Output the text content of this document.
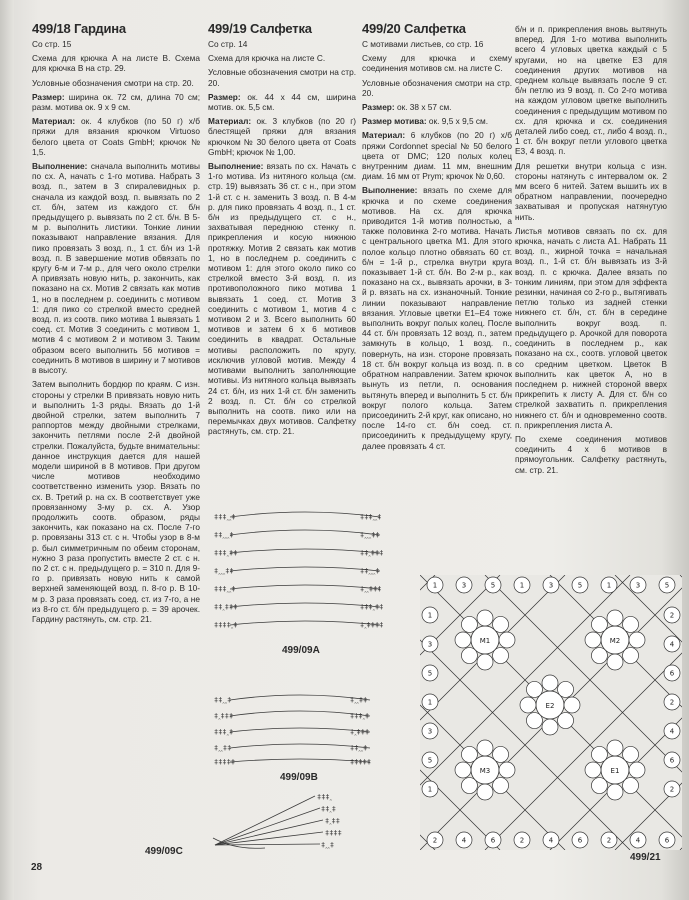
499/18 Гардина

Со стр. 15

Схема для крючка А на листе В. Схема для крючка В на стр. 29.

Условные обозначения смотри на стр. 20.

Размер: ширина ок. 72 см, длина 70 см; разм. мотива ок. 9 х 9 см.

Материал: ок. 4 клубков (по 50 г) х/б пряжи для вязания крючком Virtuoso белого цвета от Coats GmbH; крючок № 1,5.

Выполнение: сначала выполнить мотивы по сх. А, начать с 1-го мотива. Набрать 3 возд. п., затем в 3 спиралевидных р. сначала из каждой возд. п. вывязать по 2 ст. б/н, затем из каждого ст. б/н предыдущего р. вывязать по 2 ст. б/н. В 5-м р. выполнить листики. Тонкие линии показывают направление вязания. Для пико провязать 3 возд. п., 1 ст. б/н из 1-й возд. п. В завершение мотив обвязать по кругу 6-м и 7-м р., для чего около стрелки А привязать новую нить, р. закончить, как показано на сх. Мотив 2 связать как мотив 1, но в последнем р. соединить с мотивом 1: для пико со стрелкой вместо средней возд. п. из соотв. пико мотива 1 вывязать 1 соед. ст. Мотив 3 соединить с мотивом 1, мотив 4 с мотивом 2 и мотивом 3. Таким образом всего выполнить 56 мотивов = соединить 8 мотивов в ширину и 7 мотивов в высоту.

Затем выполнить бордюр по краям. С изн. стороны у стрелки В привязать новую нить и выполнить 1-3 ряды. Вязать до 1-й двойной стрелки, затем выполнить 7 раппортов между двойными стрелками, закончить петлями после 2-й двойной стрелки. Пожалуйста, будьте внимательны: данное инструкция дается для нашей модели шириной в 8 мотивов. При другом числе мотивов необходимо соответственно изменить узор. Вязать по сх. В. Третий р. на сх. В соответствует уже провязанному 3-му р. сх. А. Узор продолжить соотв. образом, ряды закончить, как показано на сх. После 7-го р. провязаны 313 ст. с н. Чтобы узор в 8-м р. был симметричным по обеим сторонам, нужно 3 раза пропустить вместе 2 ст. с н. по 2 ст. с н. предыдущего р. = 310 п. Для 9-го р. привязать новую нить к самой верхней заменяющей возд. п. 8-го р. В 10-м р. 3 раза провязать соед. ст. из 7-го, а не из 8-го ст. б/н предыдущего р. = 39 арочек. Гардину растянуть, см. стр. 21.

499/19 Салфетка

Со стр. 14

Схема для крючка на листе С.

Условные обозначения смотри на стр. 20.

Размер: ок. 44 х 44 см, ширина мотив. ок. 5,5 см.

Материал: ок. 3 клубков (по 20 г) блестящей пряжи для вязания крючком № 30 белого цвета от Coats GmbH; крючок № 1,00.

Выполнение: вязать по сх. Начать с 1-го мотива. Из нитяного кольца (см. стр. 19) вывязать 36 ст. с н., при этом 1-й ст. с н. заменить 3 возд. п. В 4-м р. для пико провязать 4 возд. п., 1 ст. б/н из предыдущего ст. с н., захватывая переднюю стенку п. прикрепления и косую нижнюю протяжку. Мотив 2 связать как мотив 1, но в последнем р. соединить с мотивом 1: для этого около пико со стрелкой вместо 3-й возд. п. из противоположного пико мотива 1 вывязать 1 соед. ст. Мотив 3 соединить с мотивом 1, мотив 4 с мотивом 2 и 3. Всего выполнить 60 мотивов и затем 6 х 6 мотивов соединить в квадрат. Остальные мотивы расположить по кругу, исключив угловой мотив. Между 4 мотивами выполнить заполняющие мотивы. Из нитяного кольца вывязать 24 ст. б/н, из них 1-й ст. б/н заменить 2 возд. п. Ст. б/н со стрелкой выполнить на соотв. пико или на перемычках двух мотивов. Салфетку растянуть, см. стр. 21.

499/20 Салфетка

С мотивами листьев, со стр. 16

Схему для крючка и схему соединения мотивов см. на листе С.

Условные обозначения смотри на стр. 20.

Размер: ок. 38 х 57 см.

Размер мотива: ок. 9,5 х 9,5 см.

Материал: 6 клубков (по 20 г) х/б пряжи Cordonnet special № 50 белого цвета от DMC; 120 полых колец внутренним диам. 11 мм, внешним диам. 16 мм от Prym; крючок № 0,60.

Выполнение: вязать по схеме для крючка и по схеме соединения мотивов. На сх. для крючка приводится 1-й мотив полностью, а также половинка 2-го мотива. Начать с центрального цветка М1. Для этого полое кольцо плотно обвязать 60 ст. б/н = 1-й р., стрелка внутри круга показывает 1-й ст. б/н. Во 2-м р., как показано на сх., вывязать арочки, в 3-й р. вязать на сх. изнаночный. Тонкие линии показывают направление вязания. Угловые цветки Е1–Е4 тоже выполнить вокруг полых колец. После 44 ст. б/н провязать 12 возд. п., затем замкнуть в кольцо, 1 возд. п., повернуть, на изн. стороне провязать 18 ст. б/н вокруг кольца из возд. п. в обратном направлении. Затем крючок вынуть из петли, п. основания вытянуть вперед и выполнить 5 ст. б/н вокруг полого кольца. Затем присоединить 2-й круг, как описано, но после 14-го ст. б/н соед. ст. присоединить к предыдущему кругу, далее провязать 4 ст.

б/н и п. прикрепления вновь вытянуть вперед. Для 1-го мотива выполнить всего 4 угловых цветка каждый с 5 кругами, но на цветке Е3 для соединения других мотивов на среднем кольце вывязать после 9 ст. б/н петлю из 9 возд. п. Со 2-го мотива на каждом угловом цветке выполнить соединения с предыдущим мотивом по сх. для крючка и сх. соединения деталей либо соед. ст., либо 4 возд. п., 1 ст. б/н вокруг петли углового цветка Е3, 4 возд. п.

Для решетки внутри кольца с изн. стороны натянуть с интервалом ок. 2 мм всего 6 нитей. Затем вышить их в обратном направлении, поочередно захватывая и пропуская натянутую нить.

Листья мотивов связать по сх. для крючка, начать с листа А1. Набрать 11 возд. п., жирной точка = начальная возд. п., 1-й ст. б/н вывязать из 3-й возд. п. с крючка. Далее вязать по тонким линиям, при этом для эффекта резинки, начиная со 2-го р., вытягивать петлю только из задней стенки нижнего ст. б/н, ст. б/н в середине выполнить вокруг возд. п. предыдущего р. Арочкой для поворота соединить в последнем р., как показано на сх., соотв. угловой цветок со средним цветком. Цветок В выполнить как цветок А, но в последнем р. нижней стороной вверх прикрепить к листу А. Для ст. б/н со стрелкой захватить п. прикрепления нижнего ст. б/н и одновременно соотв. п. прикрепления листа А.

По схеме соединения мотивов соединить 4 х 6 мотивов в прямоугольник. Салфетку растянуть, см. стр. 21.

‡‡‡ꞈꞈ‡	‡‡‡ꞈꞈ‡
‡‡ꞈꞈꞈ‡	‡ꞈꞈꞈ‡‡
‡‡‡ꞈ‡‡	‡‡ꞈ‡‡‡
‡ꞈꞈꞈ‡‡	‡‡ꞈꞈꞈ‡
‡‡‡ꞈꞈ‡	‡ꞈꞈ‡‡‡
‡‡ꞈ‡‡‡	‡‡‡ꞈ‡‡
‡‡‡‡ꞈ‡	‡ꞈ‡‡‡‡
499/09A
‡‡ꞈꞈ‡	‡ꞈꞈ‡‡
‡ꞈ‡‡‡	‡‡‡ꞈ‡
‡‡‡ꞈ‡	‡ꞈ‡‡‡
‡ꞈꞈ‡‡	‡‡ꞈꞈ‡
‡‡‡‡‡	‡‡‡‡‡
499/09B
‡‡‡ꞈ
‡‡ꞈ‡
‡ꞈ‡‡
‡‡‡‡
‡ꞈꞈ‡
499/09C
M1	M2
M3	E1
E2
1
2
3
4
5
6
1
2
3
4
5
6
1
2
3
4
5
6
1	2
3	4
5	6
1	2
3	4
5	6
1	2
499/21
28
